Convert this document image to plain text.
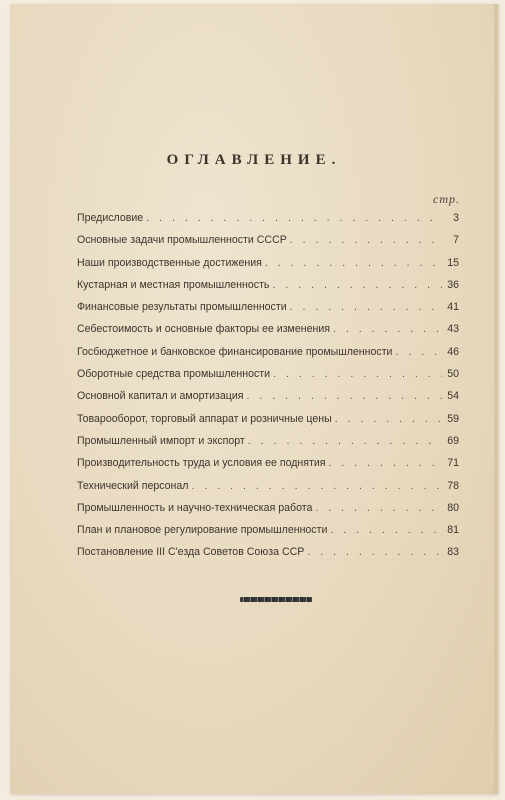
ОГЛАВЛЕНИЕ.
стр.
Предисловие . . .	3
Основные задачи промышленности СССР . . .	7
Наши производственные достижения . . .	15
Кустарная и местная промышленность . . .	36
Финансовые результаты промышленности . . .	41
Себестоимость и основные факторы ее изменения . . .	43
Госбюджетное и банковское финансирование промышленности . . .	46
Оборотные средства промышленности . . .	50
Основной капитал и амортизация . . .	54
Товарооборот, торговый аппарат и розничные цены . . .	59
Промышленный импорт и экспорт . . .	69
Производительность труда и условия ее поднятия . . .	71
Технический персонал . . .	78
Промышленность и научно-техническая работа . . .	80
План и плановое регулирование промышленности . . .	81
Постановление III С'езда Советов Союза ССР . . .	83
